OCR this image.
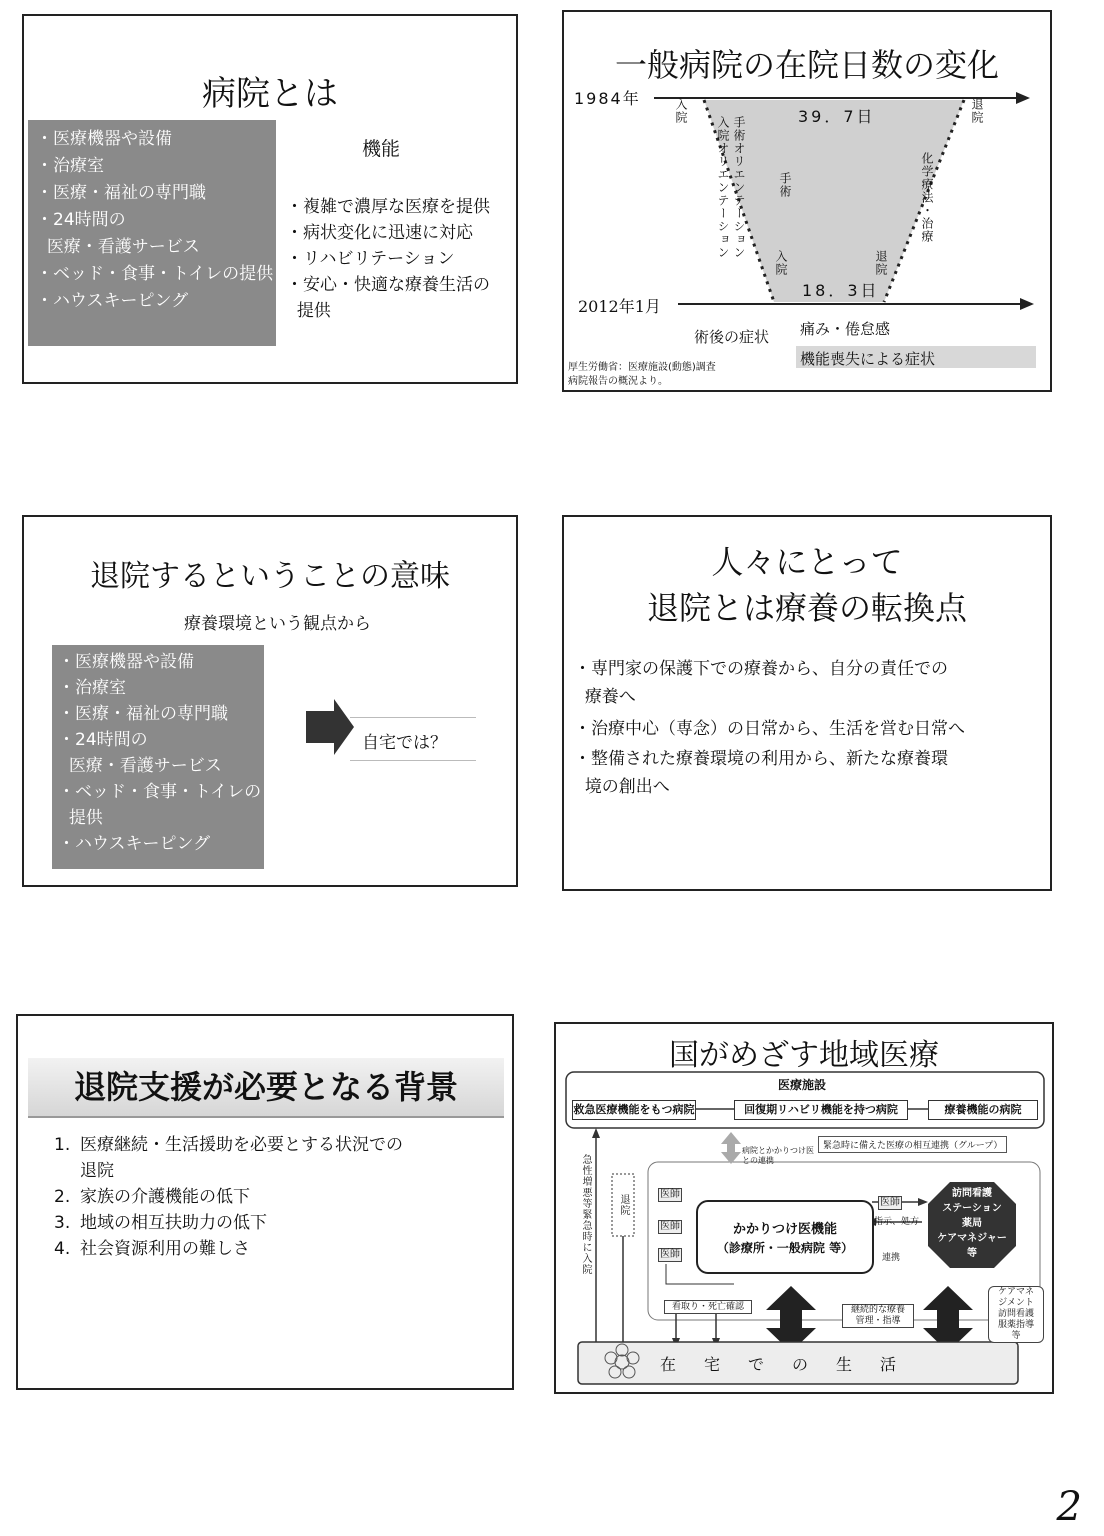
病院とは
・医療機器や設備
・治療室
・医療・福祉の専門職
・24時間の
医療・看護サービス
・ベッド・食事・トイレの提供
・ハウスキーピング
機能
・複雑で濃厚な医療を提供
・病状変化に迅速に対応
・リハビリテーション
・安心・快適な療養生活の
提供
一般病院の在院日数の変化
1984年
2012年1月
39．7日
18．3日
入院	退院
手術オリエンテーション
入院オリエンテーション	手術	化学療法・治療
入院	退院
術後の症状 痛み・倦怠感
機能喪失による症状
厚生労働省：医療施設(動態)調査
病院報告の概況より。
退院するということの意味
療養環境という観点から
・医療機器や設備
・治療室
・医療・福祉の専門職
・24時間の
医療・看護サービス
・ベッド・食事・トイレの
提供
・ハウスキーピング
自宅では？
人々にとって
退院とは療養の転換点
・専門家の保護下での療養から、自分の責任での
療養へ
・治療中心（専念）の日常から、生活を営む日常へ
・整備された療養環境の利用から、新たな療養環
境の創出へ
退院支援が必要となる背景
1. 医療継続・生活援助を必要とする状況での
退院
2. 家族の介護機能の低下
3. 地域の相互扶助力の低下
4. 社会資源利用の難しさ
国がめざす地域医療
医療施設
救急医療機能をもつ病院	回復期リハビリ機能を持つ病院	療養機能の病院
緊急時に備えた医療の相互連携（グループ）
病院とかかりつけ医
との連携
急性増悪等緊急時に入院	退院	医師
医師
医師
医師
かかりつけ医機能
（診療所・一般病院 等）
指示、処方
連携
訪問看護
ステーション
薬局
ケアマネジャー
等
看取り・死亡確認	継続的な療養
管理・指導
ケアマネ
ジメント
訪問看護
服薬指導
等
在　宅　で　の　生　活
2
